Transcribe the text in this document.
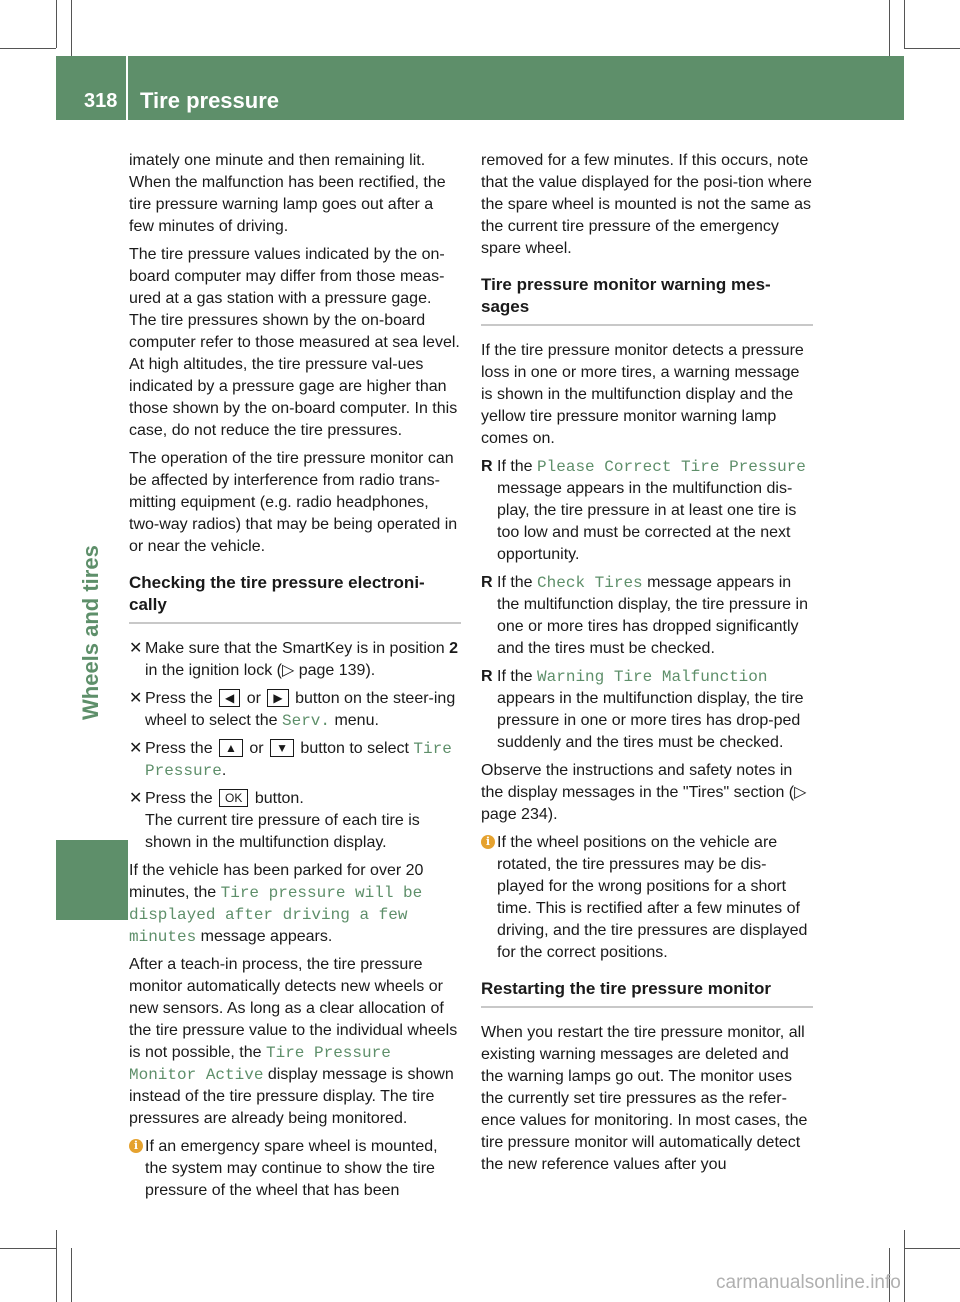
318 Tire pressure
Wheels and tires

imately one minute and then remaining lit. When the malfunction has been rectified, the tire pressure warning lamp goes out after a few minutes of driving.

The tire pressure values indicated by the on-board computer may differ from those meas-ured at a gas station with a pressure gage. The tire pressures shown by the on-board computer refer to those measured at sea level. At high altitudes, the tire pressure val-ues indicated by a pressure gage are higher than those shown by the on-board computer. In this case, do not reduce the tire pressures.

The operation of the tire pressure monitor can be affected by interference from radio trans-mitting equipment (e.g. radio headphones, two-way radios) that may be being operated in or near the vehicle.

Checking the tire pressure electroni-cally
✕ Make sure that the SmartKey is in position 2 in the ignition lock (▷ page 139).
✕ Press the ◀ or ▶ button on the steer-ing wheel to select the Serv. menu.
✕ Press the ▲ or ▼ button to select Tire Pressure.
✕ Press the OK button.
The current tire pressure of each tire is shown in the multifunction display.

If the vehicle has been parked for over 20 minutes, the Tire pressure will be displayed after driving a few minutes message appears.

After a teach-in process, the tire pressure monitor automatically detects new wheels or new sensors. As long as a clear allocation of the tire pressure value to the individual wheels is not possible, the Tire Pressure Monitor Active display message is shown instead of the tire pressure display. The tire pressures are already being monitored.

i If an emergency spare wheel is mounted, the system may continue to show the tire pressure of the wheel that has been

removed for a few minutes. If this occurs, note that the value displayed for the posi-tion where the spare wheel is mounted is not the same as the current tire pressure of the emergency spare wheel.

Tire pressure monitor warning mes-sages

If the tire pressure monitor detects a pressure loss in one or more tires, a warning message is shown in the multifunction display and the yellow tire pressure monitor warning lamp comes on.

R If the Please Correct Tire Pressure message appears in the multifunction dis-play, the tire pressure in at least one tire is too low and must be corrected at the next opportunity.
R If the Check Tires message appears in the multifunction display, the tire pressure in one or more tires has dropped significantly and the tires must be checked.
R If the Warning Tire Malfunction appears in the multifunction display, the tire pressure in one or more tires has drop-ped suddenly and the tires must be checked.

Observe the instructions and safety notes in the display messages in the "Tires" section (▷ page 234).

i If the wheel positions on the vehicle are rotated, the tire pressures may be dis-played for the wrong positions for a short time. This is rectified after a few minutes of driving, and the tire pressures are displayed for the correct positions.
Restarting the tire pressure monitor

When you restart the tire pressure monitor, all existing warning messages are deleted and the warning lamps go out. The monitor uses the currently set tire pressures as the refer-ence values for monitoring. In most cases, the tire pressure monitor will automatically detect the new reference values after you

carmanualsonline.info
